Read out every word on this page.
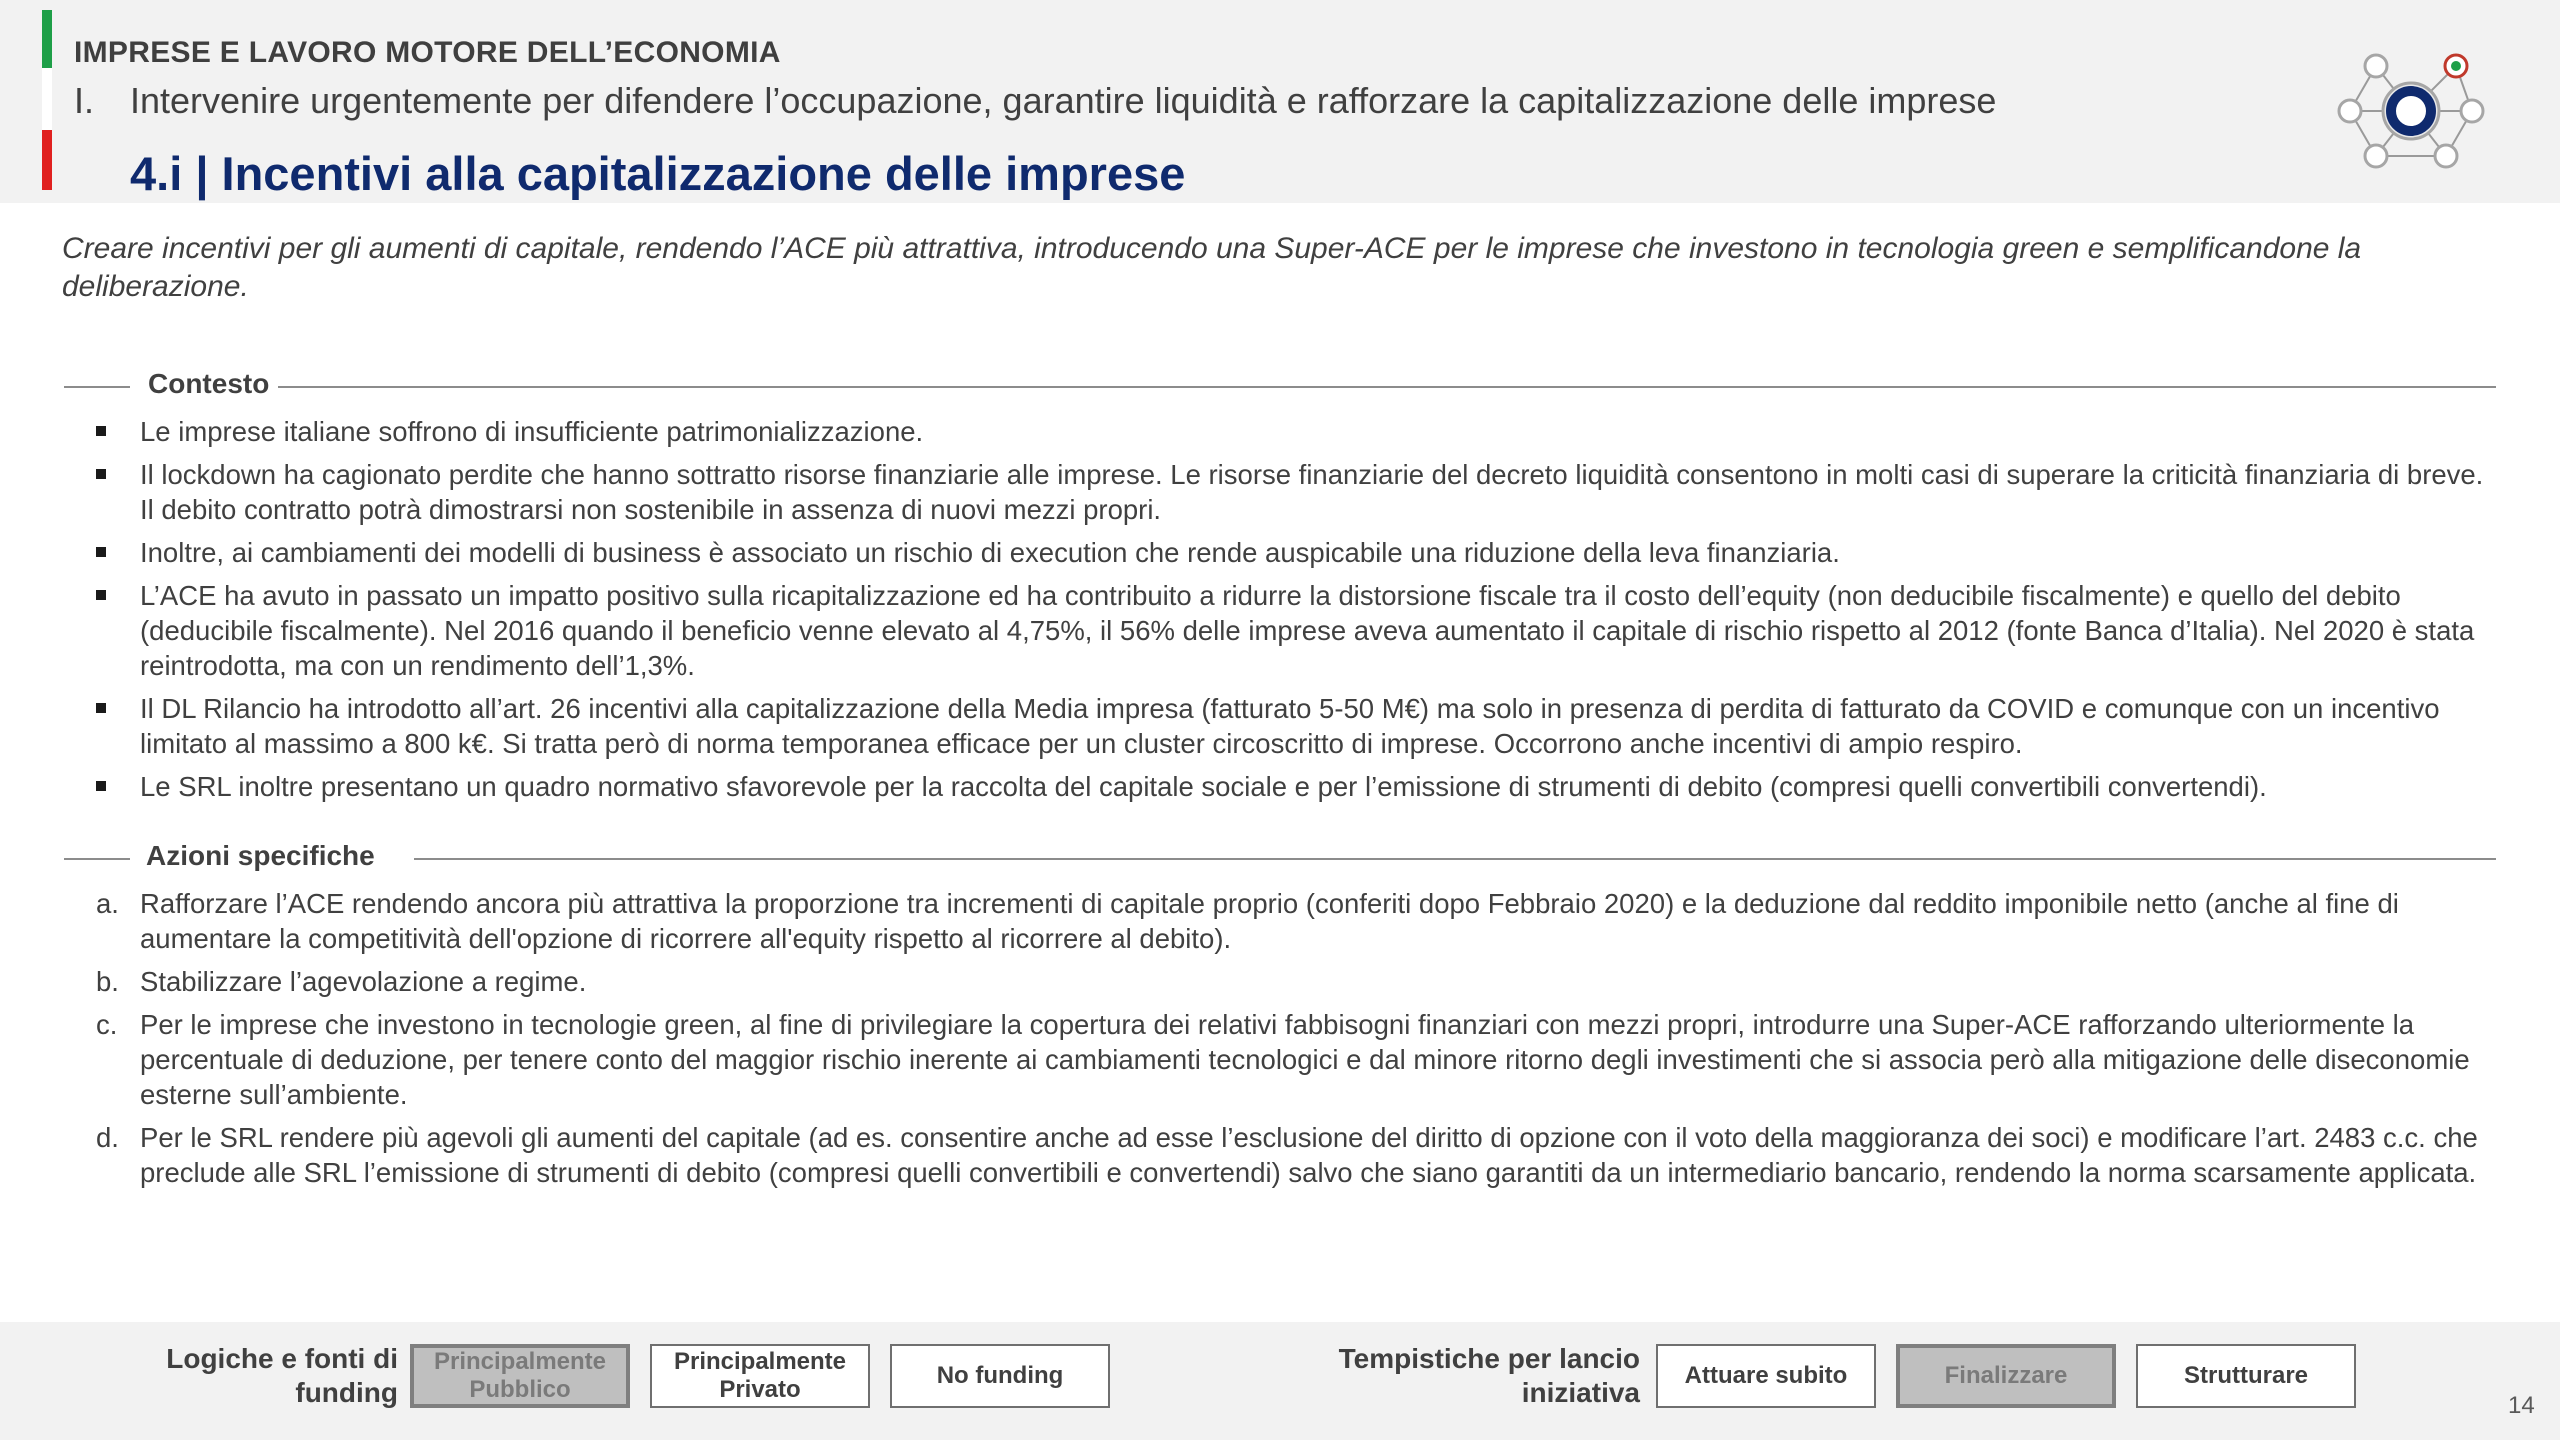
IMPRESE E LAVORO MOTORE DELL’ECONOMIA
I. Intervenire urgentemente per difendere l’occupazione, garantire liquidità e rafforzare la capitalizzazione delle imprese
4.i | Incentivi alla capitalizzazione delle imprese
Creare incentivi per gli aumenti di capitale, rendendo l’ACE più attrattiva, introducendo una Super-ACE per le imprese che investono in tecnologia green e semplificandone la deliberazione.
Contesto
Le imprese italiane soffrono di insufficiente patrimonializzazione.
Il lockdown ha cagionato perdite che hanno sottratto risorse finanziarie alle imprese. Le risorse finanziarie del decreto liquidità consentono in molti casi di superare la criticità finanziaria di breve. Il debito contratto potrà dimostrarsi non sostenibile in assenza di nuovi mezzi propri.
Inoltre, ai cambiamenti dei modelli di business è associato un rischio di execution che rende auspicabile una riduzione della leva finanziaria.
L’ACE ha avuto in passato un impatto positivo sulla ricapitalizzazione ed ha contribuito a ridurre la distorsione fiscale tra il costo dell’equity (non deducibile fiscalmente) e quello del debito (deducibile fiscalmente). Nel 2016 quando il beneficio venne elevato al 4,75%, il 56% delle imprese aveva aumentato il capitale di rischio rispetto al 2012 (fonte Banca d’Italia). Nel 2020 è stata reintrodotta, ma con un rendimento dell’1,3%.
Il DL Rilancio ha introdotto all’art. 26 incentivi alla capitalizzazione della Media impresa (fatturato 5-50 M€) ma solo in presenza di perdita di fatturato da COVID e comunque con un incentivo limitato al massimo a 800 k€. Si tratta però di norma temporanea efficace per un cluster circoscritto di imprese. Occorrono anche incentivi di ampio respiro.
Le SRL inoltre presentano un quadro normativo sfavorevole per la raccolta del capitale sociale e per l’emissione di strumenti di debito (compresi quelli convertibili convertendi).
Azioni specifiche
a. Rafforzare l’ACE rendendo ancora più attrattiva la proporzione tra incrementi di capitale proprio (conferiti dopo Febbraio 2020) e la deduzione dal reddito imponibile netto (anche al fine di aumentare la competitività dell'opzione di ricorrere all'equity rispetto al ricorrere al debito).
b. Stabilizzare l’agevolazione a regime.
c. Per le imprese che investono in tecnologie green, al fine di privilegiare la copertura dei relativi fabbisogni finanziari con mezzi propri, introdurre una Super-ACE rafforzando ulteriormente la percentuale di deduzione, per tenere conto del maggior rischio inerente ai cambiamenti tecnologici e dal minore ritorno degli investimenti che si associa però alla mitigazione delle diseconomie esterne sull’ambiente.
d. Per le SRL rendere più agevoli gli aumenti del capitale (ad es. consentire anche ad esse l’esclusione del diritto di opzione con il voto della maggioranza dei soci) e modificare l’art. 2483 c.c. che preclude alle SRL l’emissione di strumenti di debito (compresi quelli convertibili e convertendi) salvo che siano garantiti da un intermediario bancario, rendendo la norma scarsamente applicata.
Logiche e fonti di
funding
Principalmente
Pubblico
Principalmente
Privato
No funding
Tempistiche per lancio
iniziativa
Attuare subito	Finalizzare	Strutturare
14
